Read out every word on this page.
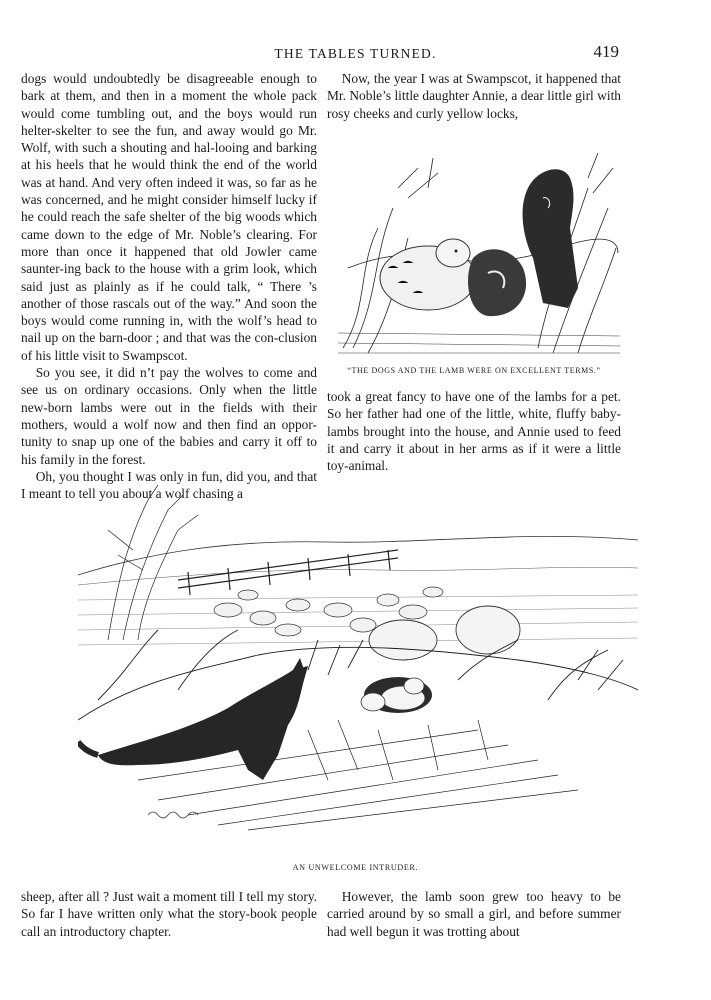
THE TABLES TURNED.	419

dogs would undoubtedly be disagreeable enough to bark at them, and then in a moment the whole pack would come tumbling out, and the boys would run helter-skelter to see the fun, and away would go Mr. Wolf, with such a shouting and hal-looing and barking at his heels that he would think the end of the world was at hand. And very often indeed it was, so far as he was concerned, and he might consider himself lucky if he could reach the safe shelter of the big woods which came down to the edge of Mr. Noble’s clearing. For more than once it happened that old Jowler came saunter-ing back to the house with a grim look, which said just as plainly as if he could talk, “ There ’s another of those rascals out of the way.” And soon the boys would come running in, with the wolf’s head to nail up on the barn-door ; and that was the con-clusion of his little visit to Swampscot.

So you see, it did n’t pay the wolves to come and see us on ordinary occasions. Only when the little new-born lambs were out in the fields with their mothers, would a wolf now and then find an oppor-tunity to snap up one of the babies and carry it off to his family in the forest.

Oh, you thought I was only in fun, did you, and that I meant to tell you about a wolf chasing a

Now, the year I was at Swampscot, it happened that Mr. Noble’s little daughter Annie, a dear little girl with rosy cheeks and curly yellow locks,

“THE DOGS AND THE LAMB WERE ON EXCELLENT TERMS.”

took a great fancy to have one of the lambs for a pet. So her father had one of the little, white, fluffy baby-lambs brought into the house, and Annie used to feed it and carry it about in her arms as if it were a little toy-animal.

AN UNWELCOME INTRUDER.

sheep, after all ? Just wait a moment till I tell my story. So far I have written only what the story-book people call an introductory chapter.

However, the lamb soon grew too heavy to be carried around by so small a girl, and before summer had well begun it was trotting about
